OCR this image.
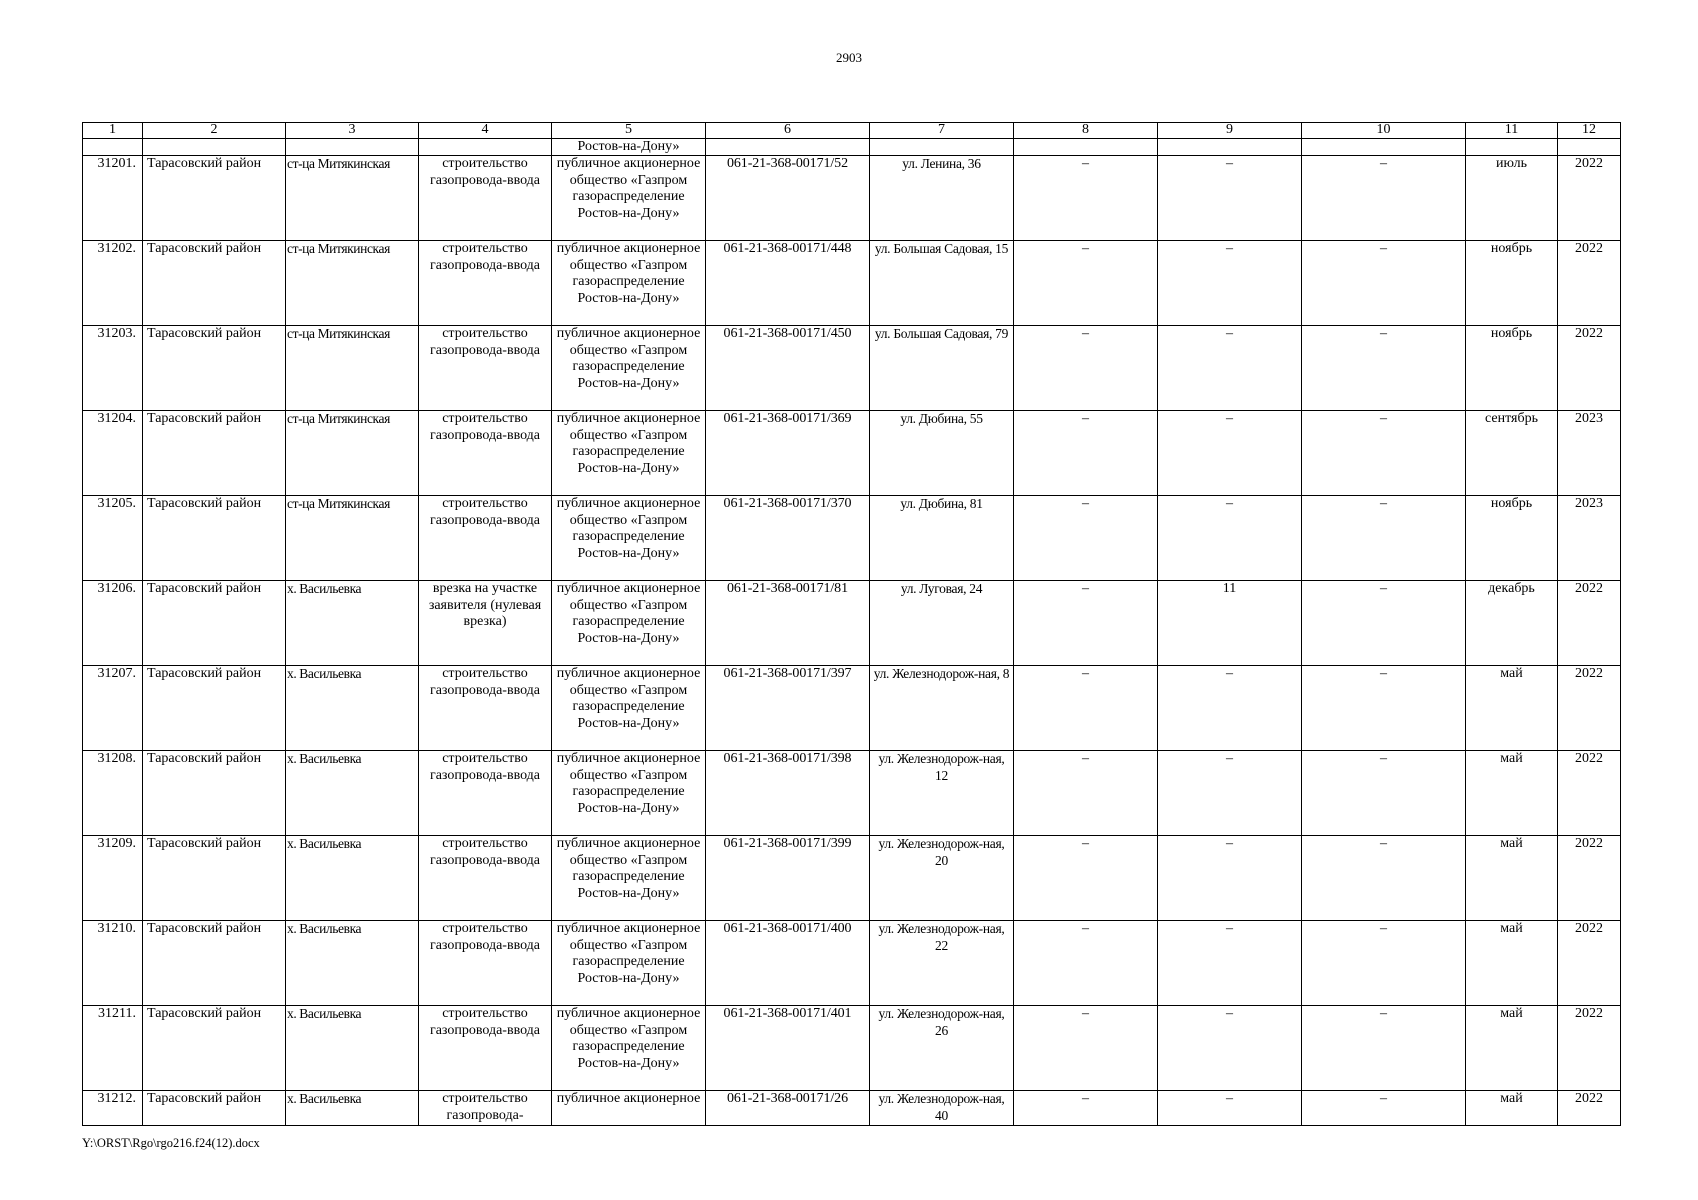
2903
1	2	3	4	5	6	7	8	9	10	11	12
				Ростов-на-Дону»							
31201.	Тарасовский район	ст-ца Митякинская	строительство газопровода-ввода	публичное акционерное общество «Газпром газораспределение Ростов-на-Дону»	061-21-368-00171/52	ул. Ленина, 36	–	–	–	июль	2022
31202.	Тарасовский район	ст-ца Митякинская	строительство газопровода-ввода	публичное акционерное общество «Газпром газораспределение Ростов-на-Дону»	061-21-368-00171/448	ул. Большая Садовая, 15	–	–	–	ноябрь	2022
31203.	Тарасовский район	ст-ца Митякинская	строительство газопровода-ввода	публичное акционерное общество «Газпром газораспределение Ростов-на-Дону»	061-21-368-00171/450	ул. Большая Садовая, 79	–	–	–	ноябрь	2022
31204.	Тарасовский район	ст-ца Митякинская	строительство газопровода-ввода	публичное акционерное общество «Газпром газораспределение Ростов-на-Дону»	061-21-368-00171/369	ул. Дюбина, 55	–	–	–	сентябрь	2023
31205.	Тарасовский район	ст-ца Митякинская	строительство газопровода-ввода	публичное акционерное общество «Газпром газораспределение Ростов-на-Дону»	061-21-368-00171/370	ул. Дюбина, 81	–	–	–	ноябрь	2023
31206.	Тарасовский район	х. Васильевка	врезка на участке заявителя (нулевая врезка)	публичное акционерное общество «Газпром газораспределение Ростов-на-Дону»	061-21-368-00171/81	ул. Луговая, 24	–	11	–	декабрь	2022
31207.	Тарасовский район	х. Васильевка	строительство газопровода-ввода	публичное акционерное общество «Газпром газораспределение Ростов-на-Дону»	061-21-368-00171/397	ул. Железнодорож-ная, 8	–	–	–	май	2022
31208.	Тарасовский район	х. Васильевка	строительство газопровода-ввода	публичное акционерное общество «Газпром газораспределение Ростов-на-Дону»	061-21-368-00171/398	ул. Железнодорож-ная, 12	–	–	–	май	2022
31209.	Тарасовский район	х. Васильевка	строительство газопровода-ввода	публичное акционерное общество «Газпром газораспределение Ростов-на-Дону»	061-21-368-00171/399	ул. Железнодорож-ная, 20	–	–	–	май	2022
31210.	Тарасовский район	х. Васильевка	строительство газопровода-ввода	публичное акционерное общество «Газпром газораспределение Ростов-на-Дону»	061-21-368-00171/400	ул. Железнодорож-ная, 22	–	–	–	май	2022
31211.	Тарасовский район	х. Васильевка	строительство газопровода-ввода	публичное акционерное общество «Газпром газораспределение Ростов-на-Дону»	061-21-368-00171/401	ул. Железнодорож-ная, 26	–	–	–	май	2022
31212.	Тарасовский район	х. Васильевка	строительство газопровода-	публичное акционерное	061-21-368-00171/26	ул. Железнодорож-ная, 40	–	–	–	май	2022
Y:\ORST\Rgo\rgo216.f24(12).docx
